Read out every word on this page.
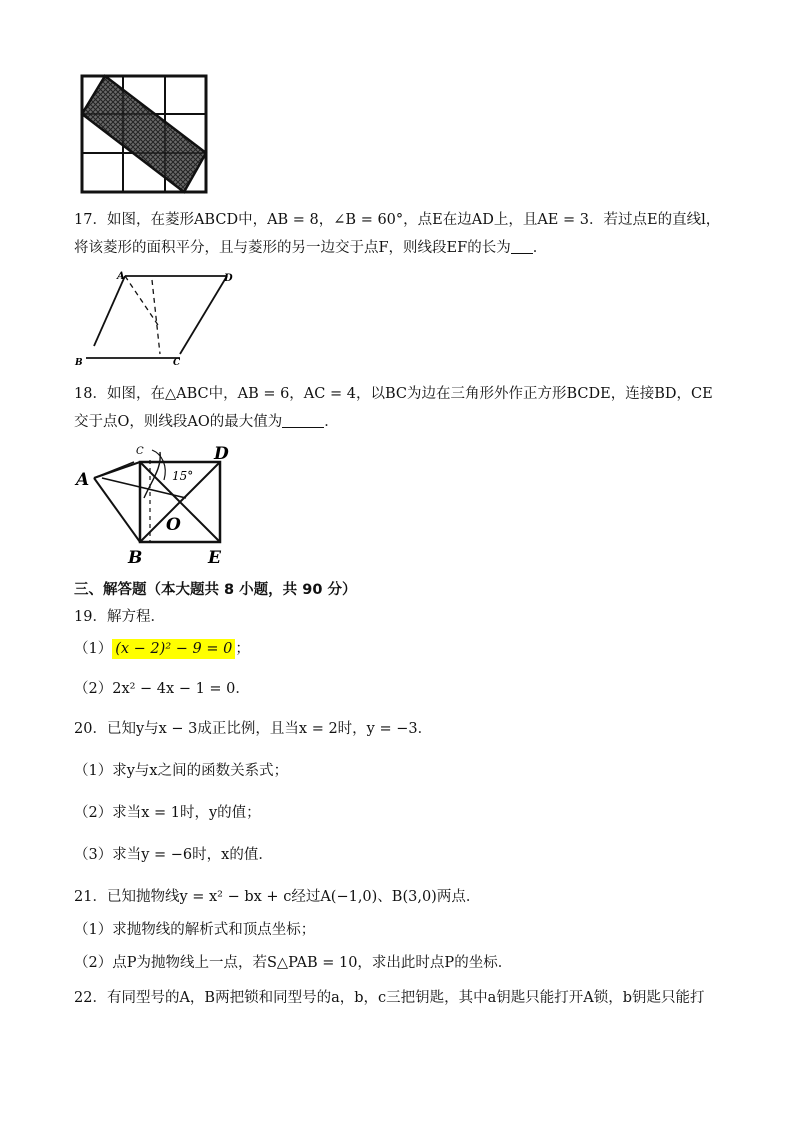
17．如图，在菱形ABCD中，AB = 8，∠B = 60°，点E在边AD上，且AE = 3．若过点E的直线l，
将该菱形的面积平分，且与菱形的另一边交于点F，则线段EF的长为 ．
A	D
B	C
18．如图，在△ABC中，AB = 6，AC = 4，以BC为边在三角形外作正方形BCDE，连接BD，CE
交于点O，则线段AO的最大值为	．
15°
A
D
O
B	E
C
三、解答题（本大题共 8 小题，共 90 分）
19．解方程．
（1） (x − 2)² − 9 = 0 ；
（2）2x² − 4x − 1 = 0．
20．已知y与x − 3成正比例，且当x = 2时，y = −3．
（1）求y与x之间的函数关系式；
（2）求当x = 1时，y的值；
（3）求当y = −6时，x的值．
21．已知抛物线y = x² − bx + c经过A(−1,0)、B(3,0)两点．
（1）求抛物线的解析式和顶点坐标；
（2）点P为抛物线上一点，若S△PAB = 10，求出此时点P的坐标．
22．有同型号的A，B两把锁和同型号的a，b，c三把钥匙，其中a钥匙只能打开A锁，b钥匙只能打
